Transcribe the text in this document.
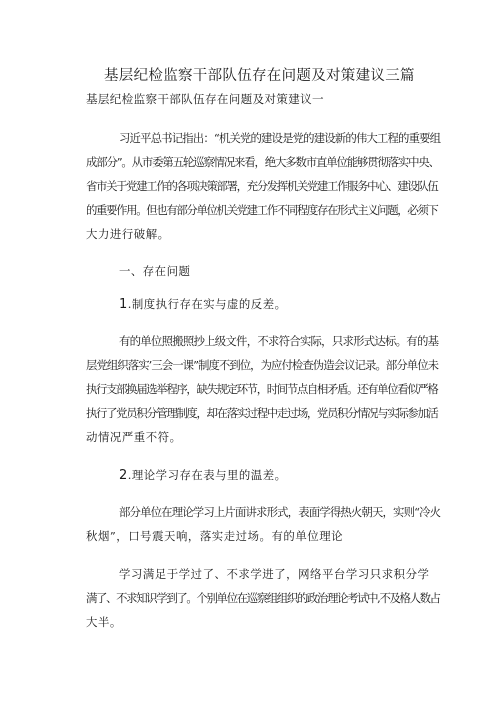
基层纪检监察干部队伍存在问题及对策建议三篇

基层纪检监察干部队伍存在问题及对策建议一

习近平总书记指出：“机关党的建设是党的建设新的伟大工程的重要组

成部分”。从市委第五轮巡察情况来看，绝大多数市直单位能够贯彻落实中央、

省市关于党建工作的各项决策部署，充分发挥机关党建工作服务中心、建设队伍

的重要作用。但也有部分单位机关党建工作不同程度存在形式主义问题，必须下

大力进行破解。

一、存在问题

1.制度执行存在实与虚的反差。

有的单位照搬照抄上级文件，不求符合实际，只求形式达标。有的基

层党组织落实’三会一课”制度不到位，为应付检查伪造会议记录。部分单位未

执行支部换届选举程序，缺失规定环节，时间节点自相矛盾。还有单位看似严格

执行了党员积分管理制度，却在落实过程中走过场，党员积分情况与实际参加活

动情况严重不符。

2.理论学习存在表与里的温差。

部分单位在理论学习上片面讲求形式，表面学得热火朝天，实则“冷火

秋烟”，口号震天响，落实走过场。有的单位理论

学习满足于学过了、不求学进了，网络平台学习只求积分学

满了、不求知识学到了。个别单位在巡察组组织的政治理论考试中,不及格人数占

大半。
